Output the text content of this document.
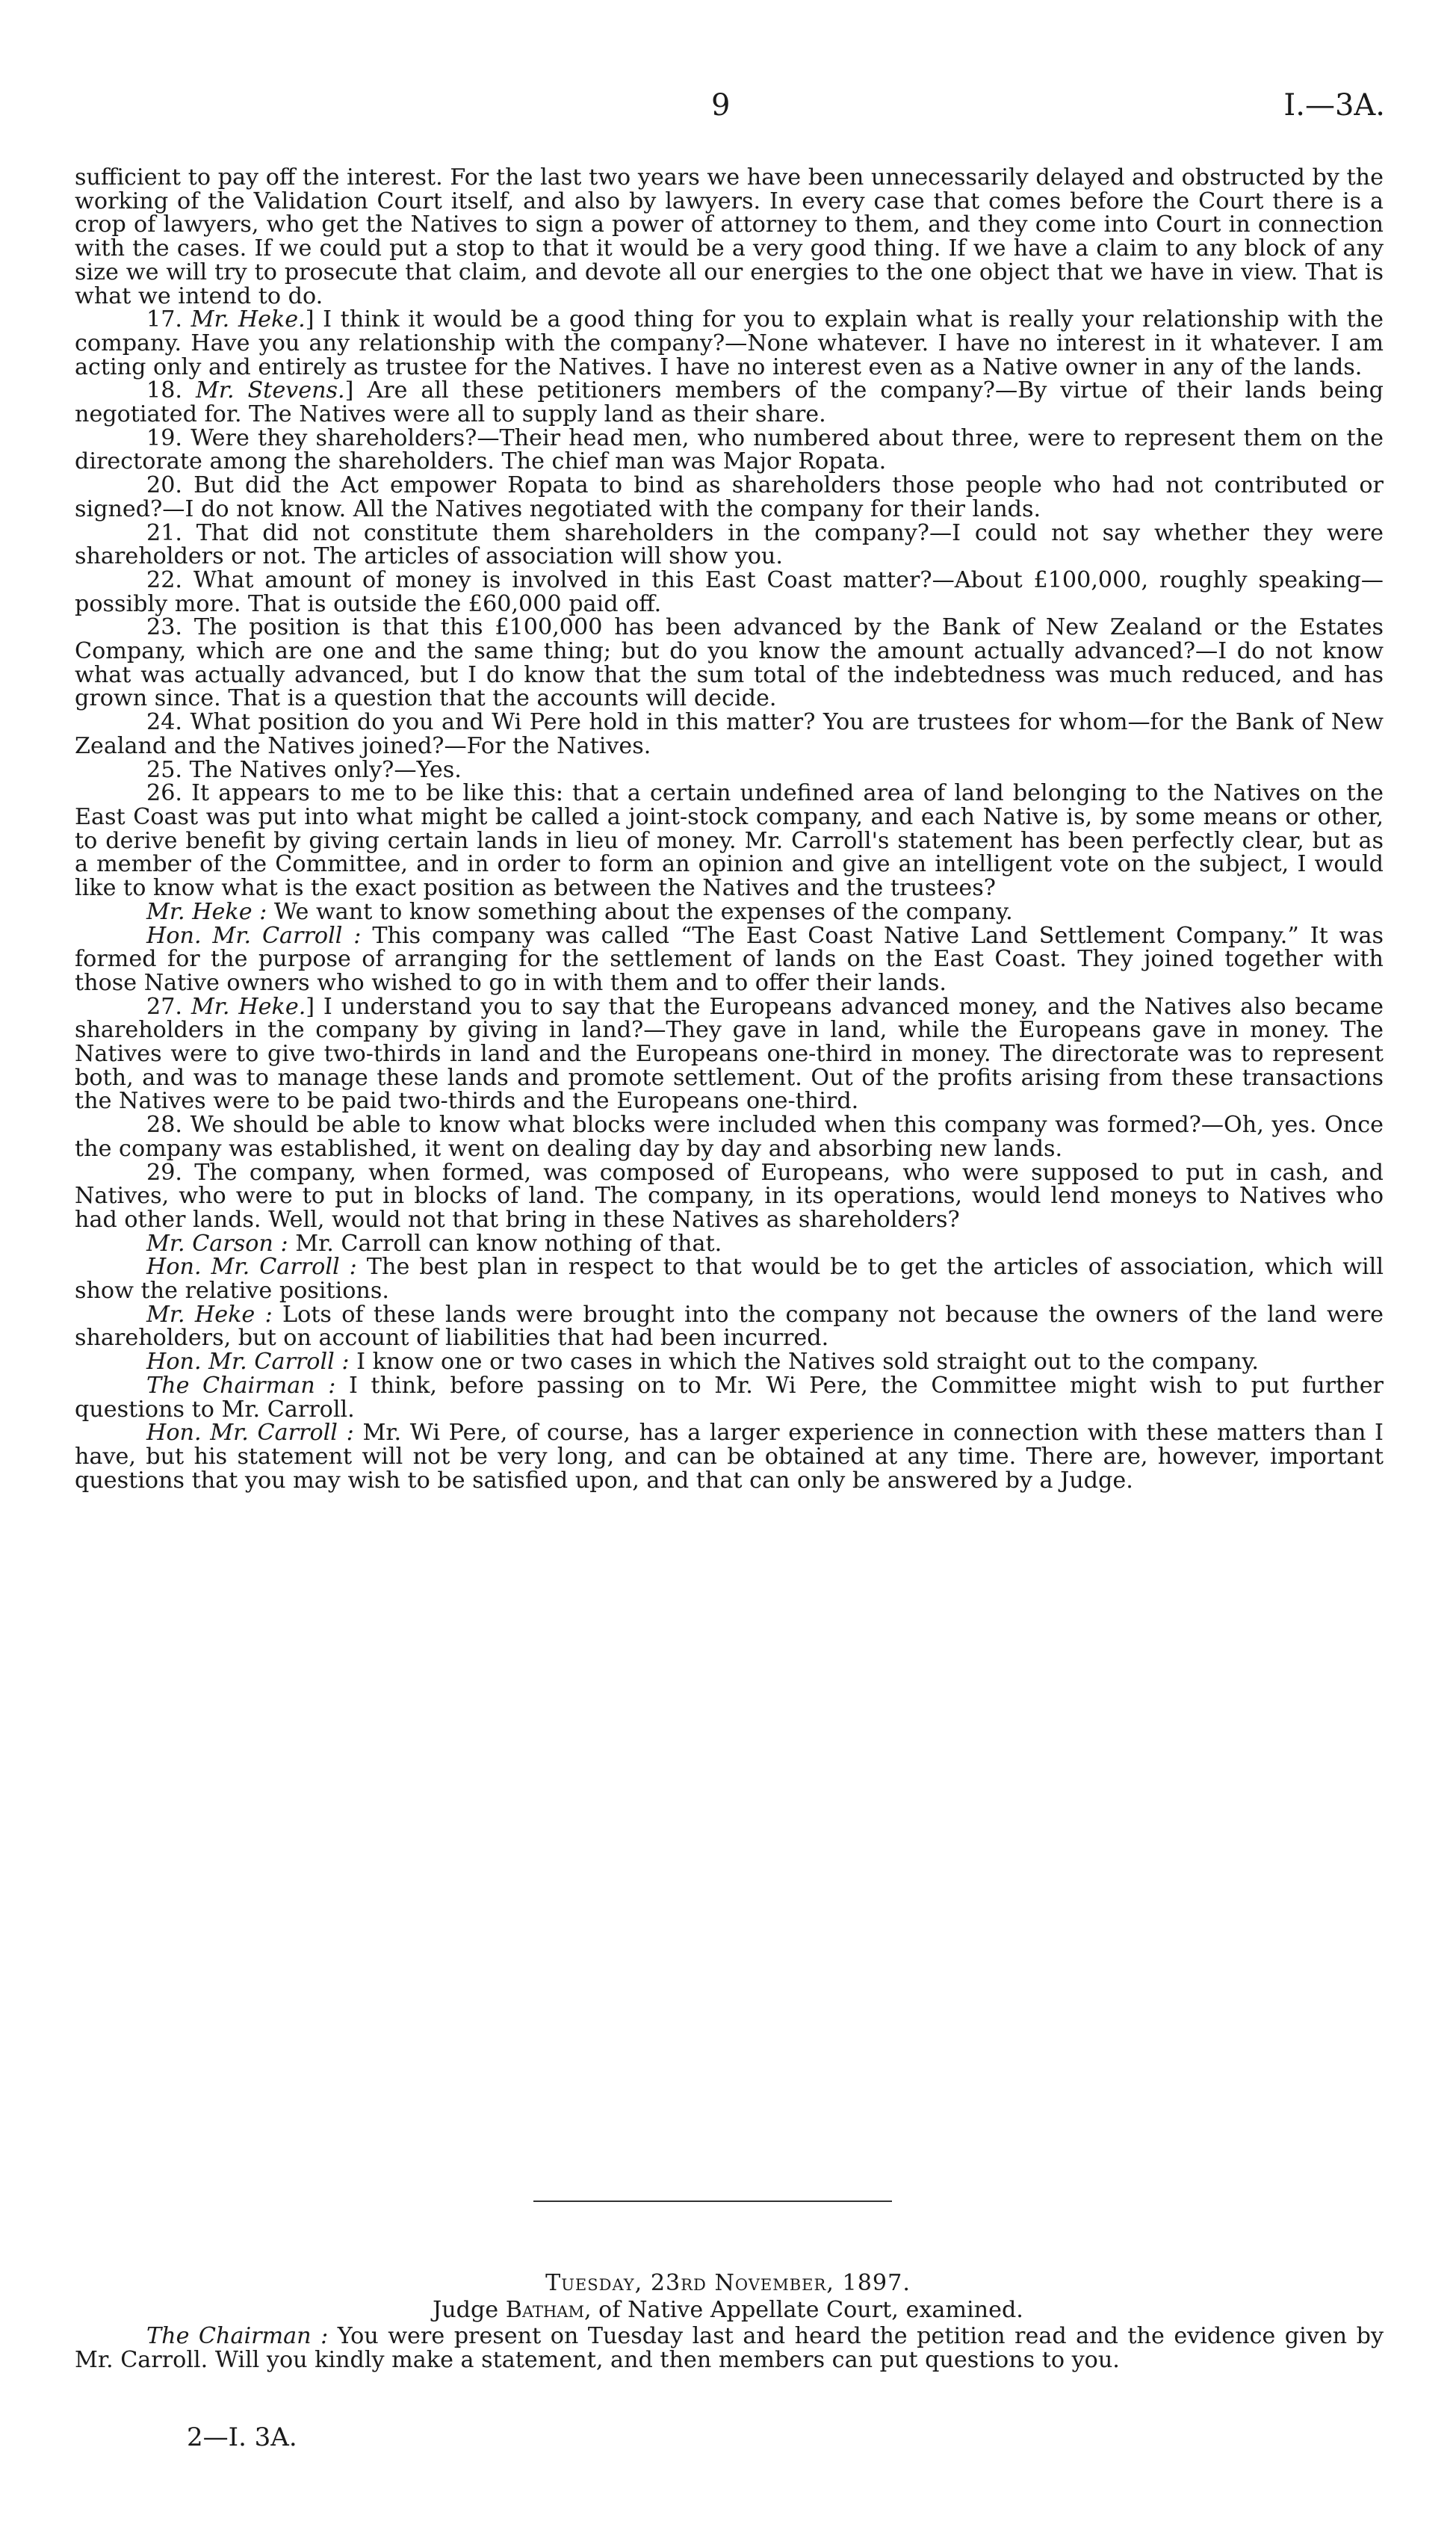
9	I.—3A.

sufficient to pay off the interest. For the last two years we have been unnecessarily delayed and obstructed by the working of the Validation Court itself, and also by lawyers. In every case that comes before the Court there is a crop of lawyers, who get the Natives to sign a power of attorney to them, and they come into Court in connection with the cases. If we could put a stop to that it would be a very good thing. If we have a claim to any block of any size we will try to prosecute that claim, and devote all our energies to the one object that we have in view. That is what we intend to do.

17. Mr. Heke.] I think it would be a good thing for you to explain what is really your relationship with the company. Have you any relationship with the company?—None whatever. I have no interest in it whatever. I am acting only and entirely as trustee for the Natives. I have no interest even as a Native owner in any of the lands.

18. Mr. Stevens.] Are all these petitioners members of the company?—By virtue of their lands being negotiated for. The Natives were all to supply land as their share.

19. Were they shareholders?—Their head men, who numbered about three, were to represent them on the directorate among the shareholders. The chief man was Major Ropata.

20. But did the Act empower Ropata to bind as shareholders those people who had not contributed or signed?—I do not know. All the Natives negotiated with the company for their lands.

21. That did not constitute them shareholders in the company?—I could not say whether they were shareholders or not. The articles of association will show you.

22. What amount of money is involved in this East Coast matter?—About £100,000, roughly speaking—possibly more. That is outside the £60,000 paid off.

23. The position is that this £100,000 has been advanced by the Bank of New Zealand or the Estates Company, which are one and the same thing; but do you know the amount actually advanced?—I do not know what was actually advanced, but I do know that the sum total of the indebtedness was much reduced, and has grown since. That is a question that the accounts will decide.

24. What position do you and Wi Pere hold in this matter? You are trustees for whom—for the Bank of New Zealand and the Natives joined?—For the Natives.

25. The Natives only?—Yes.

26. It appears to me to be like this: that a certain undefined area of land belonging to the Natives on the East Coast was put into what might be called a joint-stock company, and each Native is, by some means or other, to derive benefit by giving certain lands in lieu of money. Mr. Carroll's statement has been perfectly clear, but as a member of the Committee, and in order to form an opinion and give an intelligent vote on the subject, I would like to know what is the exact position as between the Natives and the trustees?

Mr. Heke : We want to know something about the expenses of the company.

Hon. Mr. Carroll : This company was called “The East Coast Native Land Settlement Company.” It was formed for the purpose of arranging for the settlement of lands on the East Coast. They joined together with those Native owners who wished to go in with them and to offer their lands.

27. Mr. Heke.] I understand you to say that the Europeans advanced money, and the Natives also became shareholders in the company by giving in land?—They gave in land, while the Europeans gave in money. The Natives were to give two-thirds in land and the Europeans one-third in money. The directorate was to represent both, and was to manage these lands and promote settlement. Out of the profits arising from these transactions the Natives were to be paid two-thirds and the Europeans one-third.

28. We should be able to know what blocks were included when this company was formed?—Oh, yes. Once the company was established, it went on dealing day by day and absorbing new lands.

29. The company, when formed, was composed of Europeans, who were supposed to put in cash, and Natives, who were to put in blocks of land. The company, in its operations, would lend moneys to Natives who had other lands. Well, would not that bring in these Natives as shareholders?

Mr. Carson : Mr. Carroll can know nothing of that.

Hon. Mr. Carroll : The best plan in respect to that would be to get the articles of association, which will show the relative positions.

Mr. Heke : Lots of these lands were brought into the company not because the owners of the land were shareholders, but on account of liabilities that had been incurred.

Hon. Mr. Carroll : I know one or two cases in which the Natives sold straight out to the company.

The Chairman : I think, before passing on to Mr. Wi Pere, the Committee might wish to put further questions to Mr. Carroll.

Hon. Mr. Carroll : Mr. Wi Pere, of course, has a larger experience in connection with these matters than I have, but his statement will not be very long, and can be obtained at any time. There are, however, important questions that you may wish to be satisfied upon, and that can only be answered by a Judge.

Tuesday, 23rd November, 1897.
Judge Batham, of Native Appellate Court, examined.

The Chairman : You were present on Tuesday last and heard the petition read and the evidence given by Mr. Carroll. Will you kindly make a statement, and then members can put questions to you.

2—I. 3A.
